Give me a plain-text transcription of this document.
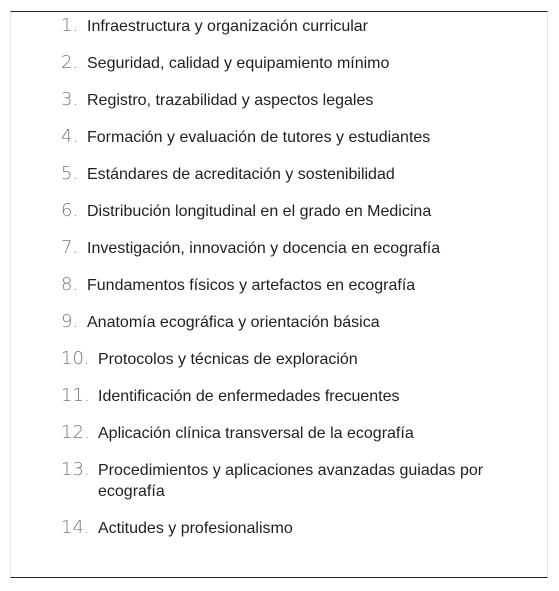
1. Infraestructura y organización curricular
2. Seguridad, calidad y equipamiento mínimo
3. Registro, trazabilidad y aspectos legales
4. Formación y evaluación de tutores y estudiantes
5. Estándares de acreditación y sostenibilidad
6. Distribución longitudinal en el grado en Medicina
7. Investigación, innovación y docencia en ecografía
8. Fundamentos físicos y artefactos en ecografía
9. Anatomía ecográfica y orientación básica
10. Protocolos y técnicas de exploración
11. Identificación de enfermedades frecuentes
12. Aplicación clínica transversal de la ecografía
13. Procedimientos y aplicaciones avanzadas guiadas por ecografía
14. Actitudes y profesionalismo
